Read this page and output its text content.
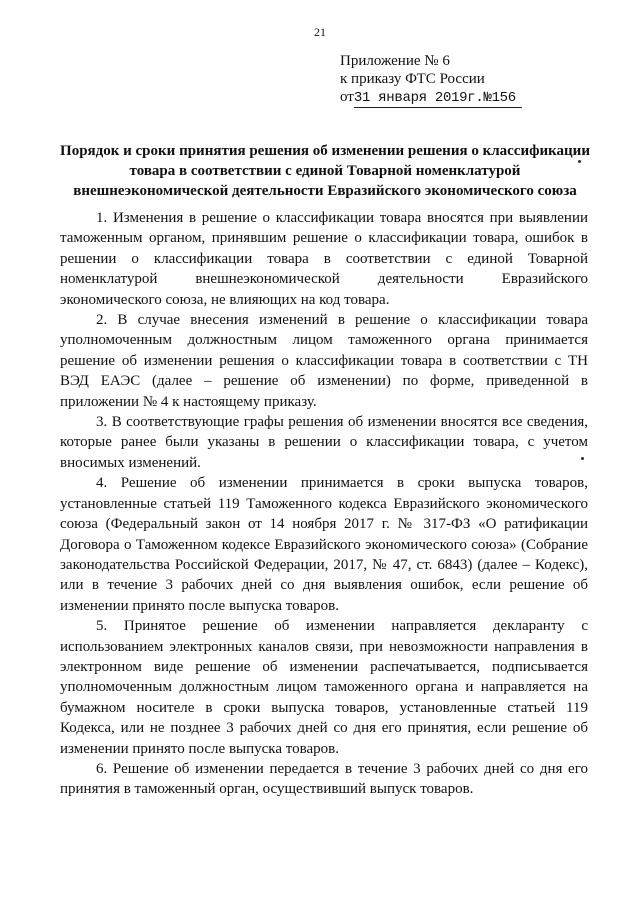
21
Приложение № 6
к приказу ФТС России
от31 января 2019г.№156
Порядок и сроки принятия решения об изменении решения о классификации
товара в соответствии с единой Товарной номенклатурой
внешнеэкономической деятельности Евразийского экономического союза

1. Изменения в решение о классификации товара вносятся при выявлении таможенным органом, принявшим решение о классификации товара, ошибок в решении о классификации товара в соответствии с единой Товарной номенклатурой внешнеэкономической деятельности Евразийского экономического союза, не влияющих на код товара.

2. В случае внесения изменений в решение о классификации товара уполномоченным должностным лицом таможенного органа принимается решение об изменении решения о классификации товара в соответствии с ТН ВЭД ЕАЭС (далее – решение об изменении) по форме, приведенной в приложении № 4 к настоящему приказу.

3. В соответствующие графы решения об изменении вносятся все сведения, которые ранее были указаны в решении о классификации товара, с учетом вносимых изменений.

4. Решение об изменении принимается в сроки выпуска товаров, установленные статьей 119 Таможенного кодекса Евразийского экономического союза (Федеральный закон от 14 ноября 2017 г. № 317-ФЗ «О ратификации Договора о Таможенном кодексе Евразийского экономического союза» (Собрание законодательства Российской Федерации, 2017, № 47, ст. 6843) (далее – Кодекс), или в течение 3 рабочих дней со дня выявления ошибок, если решение об изменении принято после выпуска товаров.

5. Принятое решение об изменении направляется декларанту с использованием электронных каналов связи, при невозможности направления в электронном виде решение об изменении распечатывается, подписывается уполномоченным должностным лицом таможенного органа и направляется на бумажном носителе в сроки выпуска товаров, установленные статьей 119 Кодекса, или не позднее 3 рабочих дней со дня его принятия, если решение об изменении принято после выпуска товаров.

6. Решение об изменении передается в течение 3 рабочих дней со дня его принятия в таможенный орган, осуществивший выпуск товаров.
